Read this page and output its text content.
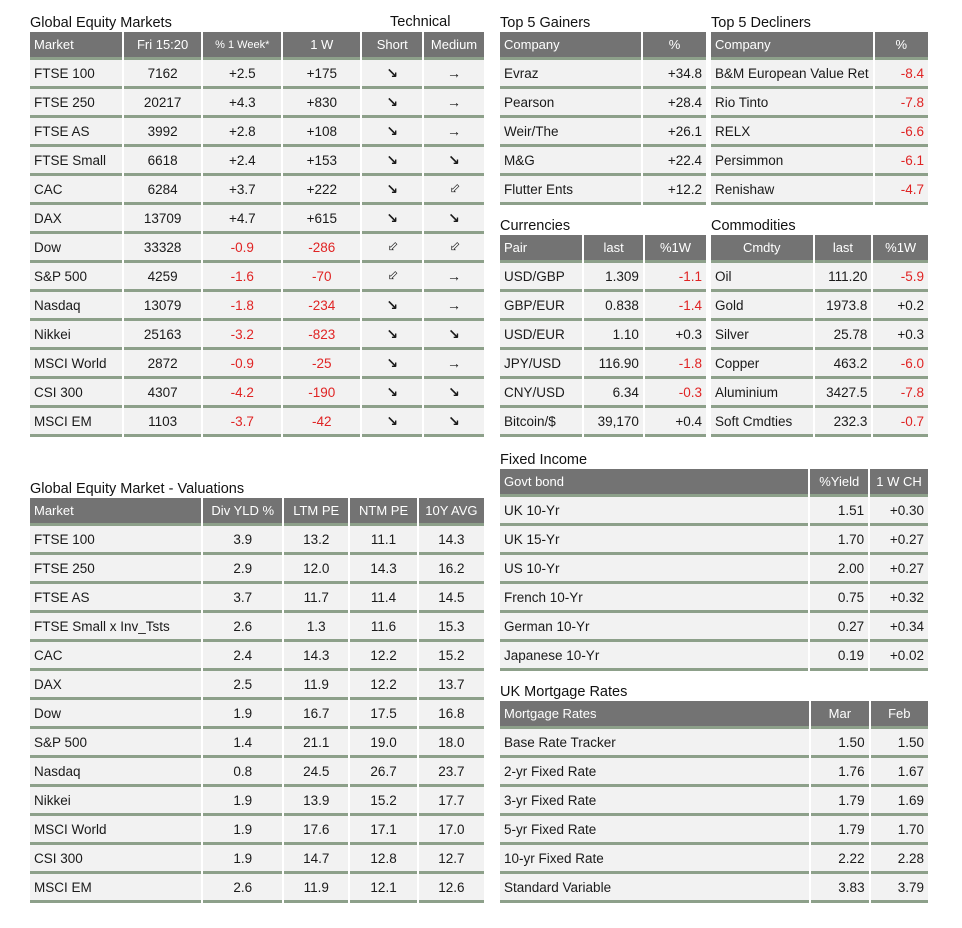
Global Equity Markets	Technical
Market	Fri 15:20	% 1 Week*	1 W	Short	Medium
FTSE 100	7162	+2.5	+175	↘	→
FTSE 250	20217	+4.3	+830	↘	→
FTSE AS	3992	+2.8	+108	↘	→
FTSE Small	6618	+2.4	+153	↘	↘
CAC	6284	+3.7	+222	↘	⇩
DAX	13709	+4.7	+615	↘	↘
Dow	33328	-0.9	-286	⇩	⇩
S&P 500	4259	-1.6	-70	⇩	→
Nasdaq	13079	-1.8	-234	↘	→
Nikkei	25163	-3.2	-823	↘	↘
MSCI World	2872	-0.9	-25	↘	→
CSI 300	4307	-4.2	-190	↘	↘
MSCI EM	1103	-3.7	-42	↘	↘
Top 5 Gainers
Company	%
Evraz	+34.8
Pearson	+28.4
Weir/The	+26.1
M&G	+22.4
Flutter Ents	+12.2
Top 5 Decliners
Company	%
B&M European Value Ret	-8.4
Rio Tinto	-7.8
RELX	-6.6
Persimmon	-6.1
Renishaw	-4.7
Currencies
Pair	last	%1W
USD/GBP	1.309	-1.1
GBP/EUR	0.838	-1.4
USD/EUR	1.10	+0.3
JPY/USD	116.90	-1.8
CNY/USD	6.34	-0.3
Bitcoin/$	39,170	+0.4
Commodities
Cmdty	last	%1W
Oil	111.20	-5.9
Gold	1973.8	+0.2
Silver	25.78	+0.3
Copper	463.2	-6.0
Aluminium	3427.5	-7.8
Soft Cmdties	232.3	-0.7
Global Equity Market - Valuations
Market	Div YLD %	LTM PE	NTM PE	10Y AVG
FTSE 100	3.9	13.2	11.1	14.3
FTSE 250	2.9	12.0	14.3	16.2
FTSE AS	3.7	11.7	11.4	14.5
FTSE Small x Inv_Tsts	2.6	1.3	11.6	15.3
CAC	2.4	14.3	12.2	15.2
DAX	2.5	11.9	12.2	13.7
Dow	1.9	16.7	17.5	16.8
S&P 500	1.4	21.1	19.0	18.0
Nasdaq	0.8	24.5	26.7	23.7
Nikkei	1.9	13.9	15.2	17.7
MSCI World	1.9	17.6	17.1	17.0
CSI 300	1.9	14.7	12.8	12.7
MSCI EM	2.6	11.9	12.1	12.6
Fixed Income
Govt bond	%Yield	1 W CH
UK 10-Yr	1.51	+0.30
UK 15-Yr	1.70	+0.27
US 10-Yr	2.00	+0.27
French 10-Yr	0.75	+0.32
German 10-Yr	0.27	+0.34
Japanese 10-Yr	0.19	+0.02
UK Mortgage Rates
Mortgage Rates	Mar	Feb
Base Rate Tracker	1.50	1.50
2-yr Fixed Rate	1.76	1.67
3-yr Fixed Rate	1.79	1.69
5-yr Fixed Rate	1.79	1.70
10-yr Fixed Rate	2.22	2.28
Standard Variable	3.83	3.79
